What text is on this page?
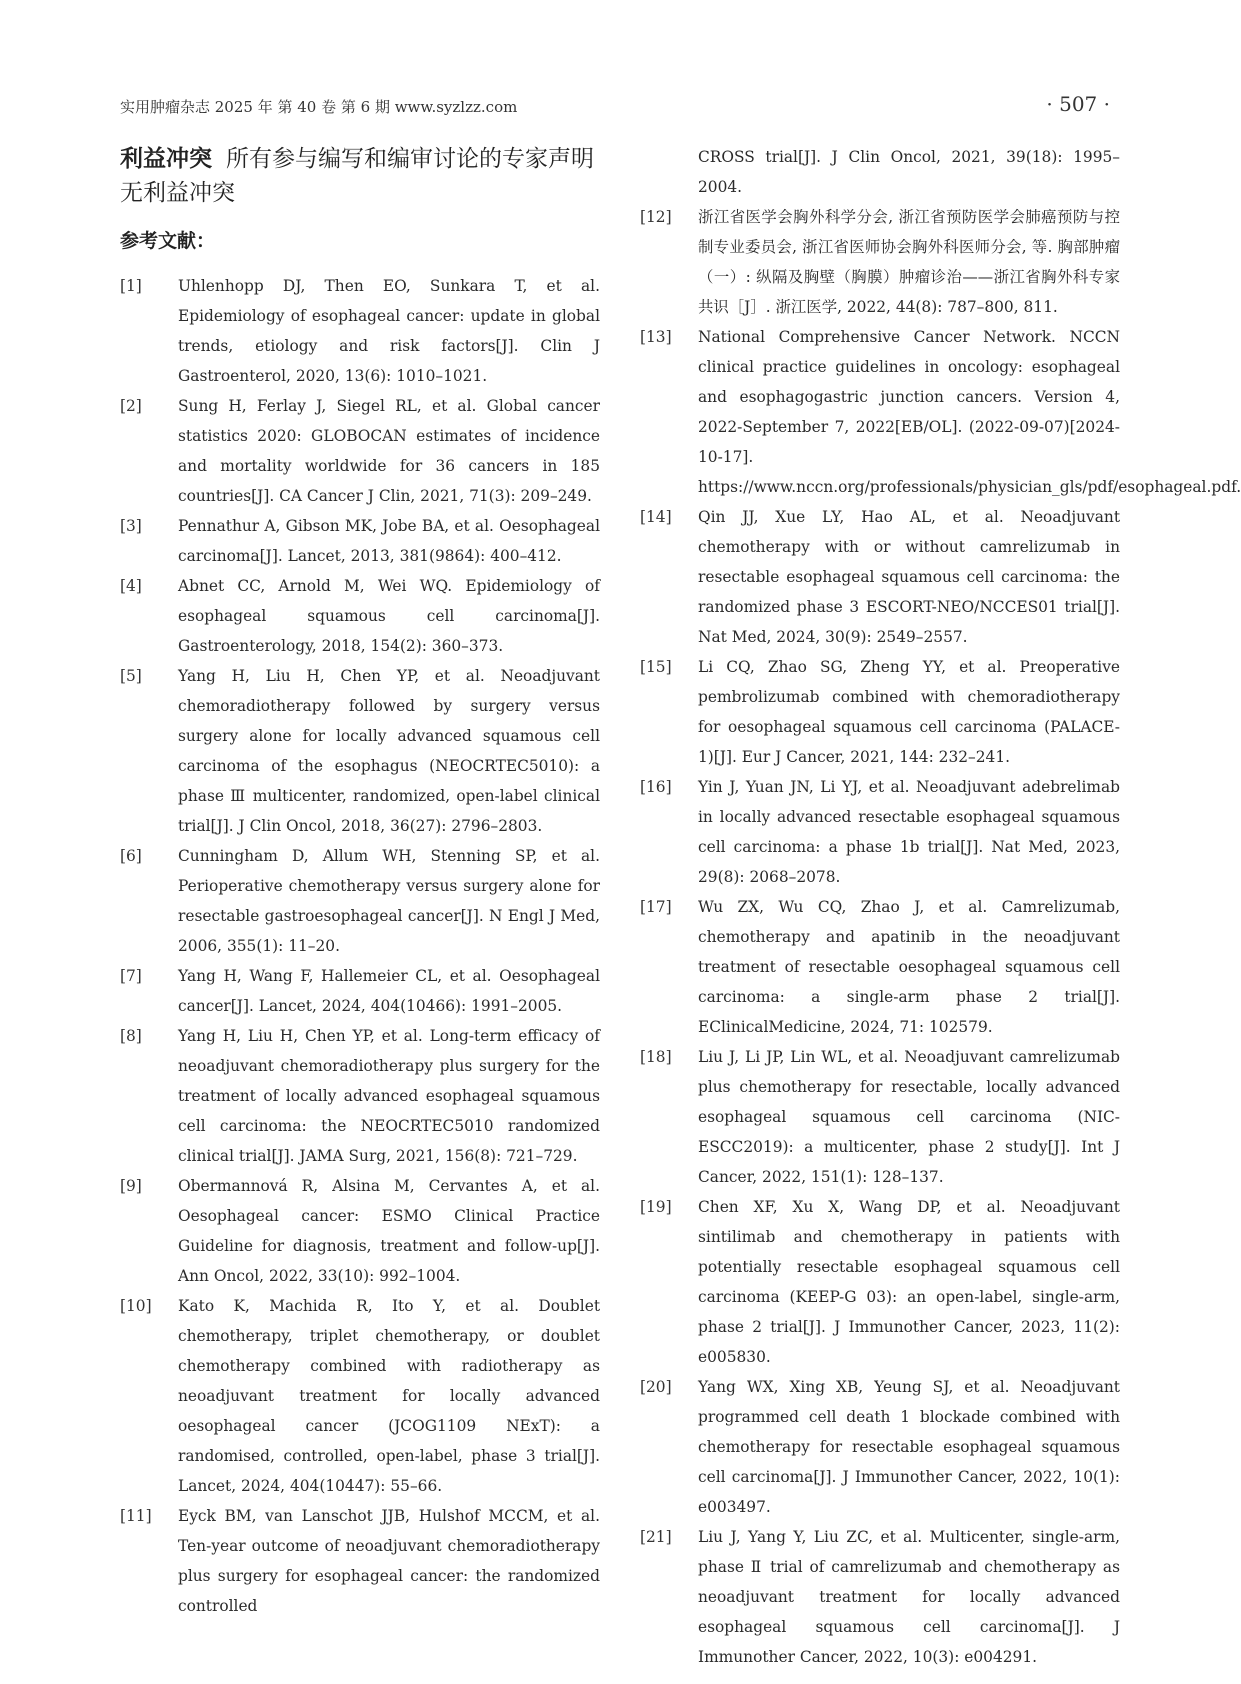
实用肿瘤杂志 2025 年 第 40 卷 第 6 期 www.syzlzz.com	· 507 ·

利益冲突 所有参与编写和编审讨论的专家声明无利益冲突

参考文献：
[1] Uhlenhopp DJ, Then EO, Sunkara T, et al. Epidemiology of esophageal cancer: update in global trends, etiology and risk factors[J]. Clin J Gastroenterol, 2020, 13(6): 1010–1021.
[2] Sung H, Ferlay J, Siegel RL, et al. Global cancer statistics 2020: GLOBOCAN estimates of incidence and mortality worldwide for 36 cancers in 185 countries[J]. CA Cancer J Clin, 2021, 71(3): 209–249.
[3] Pennathur A, Gibson MK, Jobe BA, et al. Oesophageal carcinoma[J]. Lancet, 2013, 381(9864): 400–412.
[4] Abnet CC, Arnold M, Wei WQ. Epidemiology of esophageal squamous cell carcinoma[J]. Gastroenterology, 2018, 154(2): 360–373.
[5] Yang H, Liu H, Chen YP, et al. Neoadjuvant chemoradiotherapy followed by surgery versus surgery alone for locally advanced squamous cell carcinoma of the esophagus (NEOCRTEC5010): a phase Ⅲ multicenter, randomized, open-label clinical trial[J]. J Clin Oncol, 2018, 36(27): 2796–2803.
[6] Cunningham D, Allum WH, Stenning SP, et al. Perioperative chemotherapy versus surgery alone for resectable gastroesophageal cancer[J]. N Engl J Med, 2006, 355(1): 11–20.
[7] Yang H, Wang F, Hallemeier CL, et al. Oesophageal cancer[J]. Lancet, 2024, 404(10466): 1991–2005.
[8] Yang H, Liu H, Chen YP, et al. Long-term efficacy of neoadjuvant chemoradiotherapy plus surgery for the treatment of locally advanced esophageal squamous cell carcinoma: the NEOCRTEC5010 randomized clinical trial[J]. JAMA Surg, 2021, 156(8): 721–729.
[9] Obermannová R, Alsina M, Cervantes A, et al. Oesophageal cancer: ESMO Clinical Practice Guideline for diagnosis, treatment and follow-up[J]. Ann Oncol, 2022, 33(10): 992–1004.
[10] Kato K, Machida R, Ito Y, et al. Doublet chemotherapy, triplet chemotherapy, or doublet chemotherapy combined with radiotherapy as neoadjuvant treatment for locally advanced oesophageal cancer (JCOG1109 NExT): a randomised, controlled, open-label, phase 3 trial[J]. Lancet, 2024, 404(10447): 55–66.
[11] Eyck BM, van Lanschot JJB, Hulshof MCCM, et al. Ten-year outcome of neoadjuvant chemoradiotherapy plus surgery for esophageal cancer: the randomized controlled
CROSS trial[J]. J Clin Oncol, 2021, 39(18): 1995–2004.
[12] 浙江省医学会胸外科学分会, 浙江省预防医学会肺癌预防与控制专业委员会, 浙江省医师协会胸外科医师分会, 等. 胸部肿瘤（一）: 纵隔及胸壁（胸膜）肿瘤诊治——浙江省胸外科专家共识［J］. 浙江医学, 2022, 44(8): 787–800, 811.
[13] National Comprehensive Cancer Network. NCCN clinical practice guidelines in oncology: esophageal and esophagogastric junction cancers. Version 4, 2022-September 7, 2022[EB/OL]. (2022-09-07)[2024-10-17]. https://www.nccn.org/professionals/physician_gls/pdf/esophageal.pdf.
[14] Qin JJ, Xue LY, Hao AL, et al. Neoadjuvant chemotherapy with or without camrelizumab in resectable esophageal squamous cell carcinoma: the randomized phase 3 ESCORT-NEO/NCCES01 trial[J]. Nat Med, 2024, 30(9): 2549–2557.
[15] Li CQ, Zhao SG, Zheng YY, et al. Preoperative pembrolizumab combined with chemoradiotherapy for oesophageal squamous cell carcinoma (PALACE-1)[J]. Eur J Cancer, 2021, 144: 232–241.
[16] Yin J, Yuan JN, Li YJ, et al. Neoadjuvant adebrelimab in locally advanced resectable esophageal squamous cell carcinoma: a phase 1b trial[J]. Nat Med, 2023, 29(8): 2068–2078.
[17] Wu ZX, Wu CQ, Zhao J, et al. Camrelizumab, chemotherapy and apatinib in the neoadjuvant treatment of resectable oesophageal squamous cell carcinoma: a single-arm phase 2 trial[J]. EClinicalMedicine, 2024, 71: 102579.
[18] Liu J, Li JP, Lin WL, et al. Neoadjuvant camrelizumab plus chemotherapy for resectable, locally advanced esophageal squamous cell carcinoma (NIC-ESCC2019): a multicenter, phase 2 study[J]. Int J Cancer, 2022, 151(1): 128–137.
[19] Chen XF, Xu X, Wang DP, et al. Neoadjuvant sintilimab and chemotherapy in patients with potentially resectable esophageal squamous cell carcinoma (KEEP-G 03): an open-label, single-arm, phase 2 trial[J]. J Immunother Cancer, 2023, 11(2): e005830.
[20] Yang WX, Xing XB, Yeung SJ, et al. Neoadjuvant programmed cell death 1 blockade combined with chemotherapy for resectable esophageal squamous cell carcinoma[J]. J Immunother Cancer, 2022, 10(1): e003497.
[21] Liu J, Yang Y, Liu ZC, et al. Multicenter, single-arm, phase Ⅱ trial of camrelizumab and chemotherapy as neoadjuvant treatment for locally advanced esophageal squamous cell carcinoma[J]. J Immunother Cancer, 2022, 10(3): e004291.
